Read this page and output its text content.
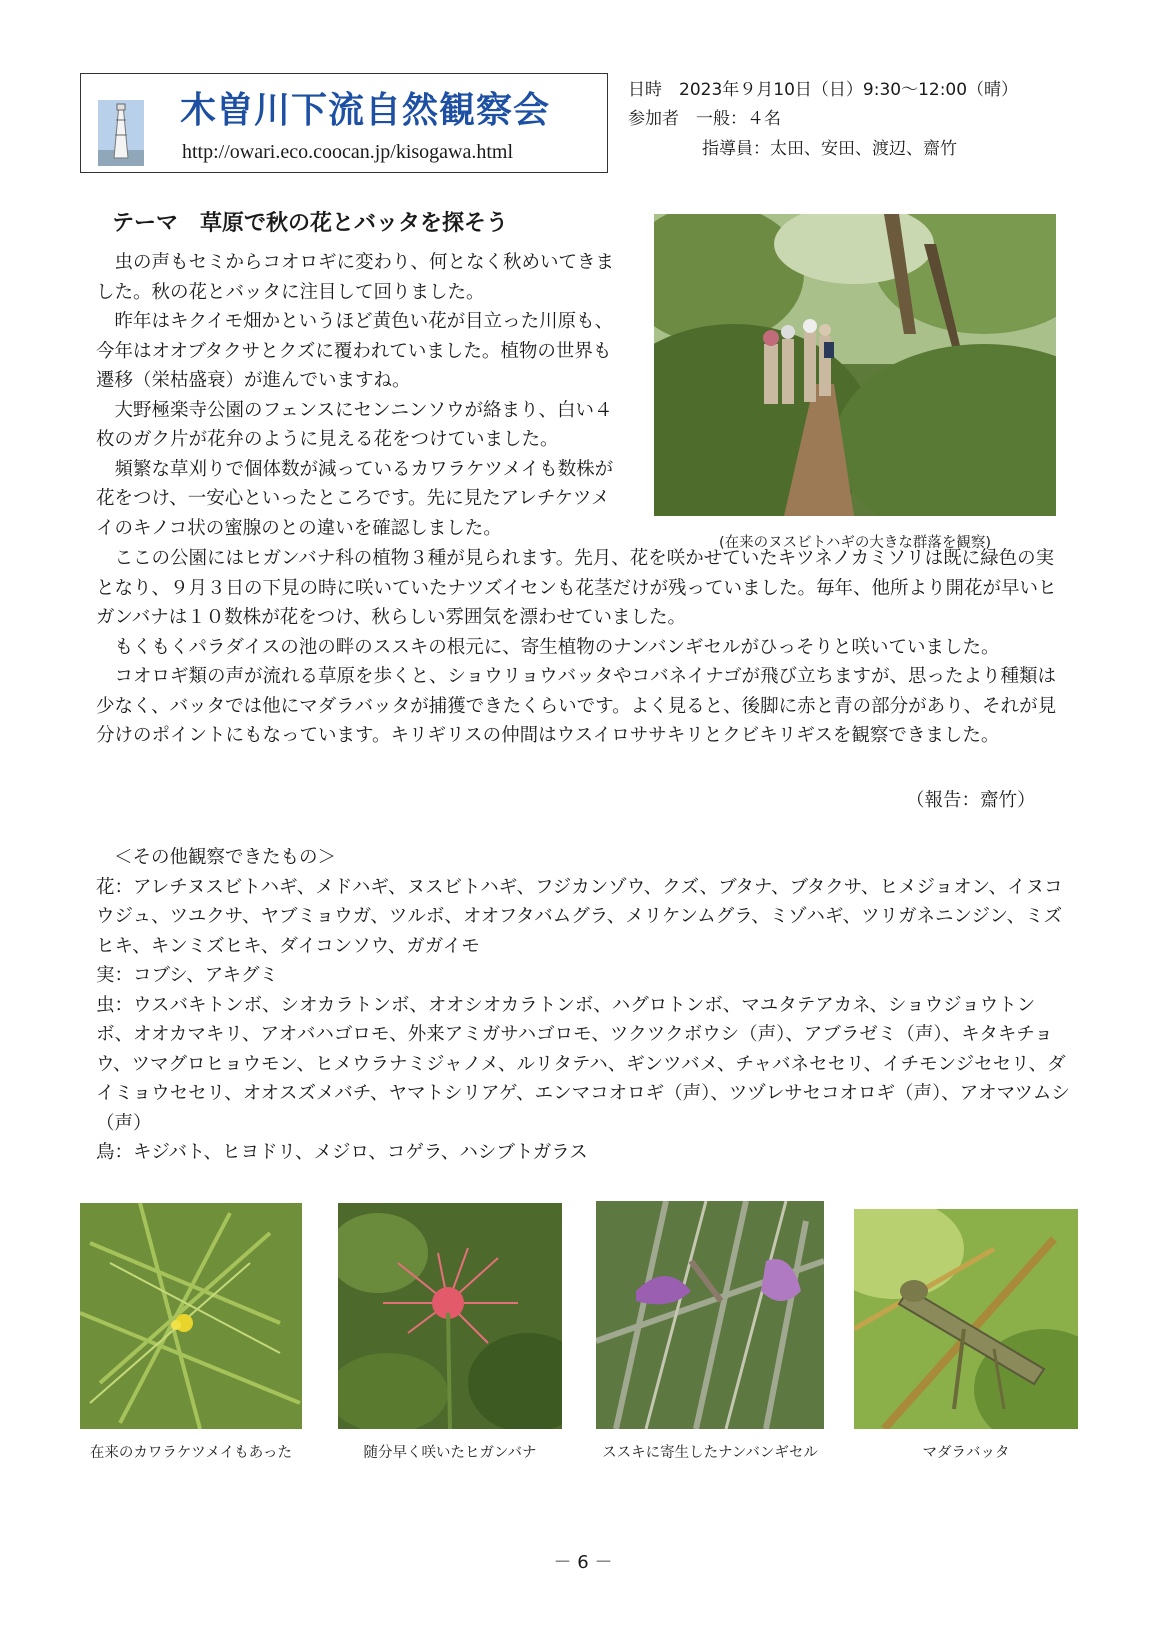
木曽川下流自然観察会
http://owari.eco.coocan.jp/kisogawa.html
日時　2023年９月10日（日）9:30～12:00（晴）
参加者　一般：４名
指導員：太田、安田、渡辺、齋竹
テーマ　草原で秋の花とバッタを探そう
(在来のヌスビトハギの大きな群落を観察)

虫の声もセミからコオロギに変わり、何となく秋めいてきました。秋の花とバッタに注目して回りました。

昨年はキクイモ畑かというほど黄色い花が目立った川原も、今年はオオブタクサとクズに覆われていました。植物の世界も遷移（栄枯盛衰）が進んでいますね。

大野極楽寺公園のフェンスにセンニンソウが絡まり、白い４枚のガク片が花弁のように見える花をつけていました。

頻繁な草刈りで個体数が減っているカワラケツメイも数株が花をつけ、一安心といったところです。先に見たアレチケツメイのキノコ状の蜜腺のとの違いを確認しました。

ここの公園にはヒガンバナ科の植物３種が見られます。先月、花を咲かせていたキツネノカミソリは既に緑色の実となり、９月３日の下見の時に咲いていたナツズイセンも花茎だけが残っていました。毎年、他所より開花が早いヒガンバナは１０数株が花をつけ、秋らしい雰囲気を漂わせていました。

もくもくパラダイスの池の畔のススキの根元に、寄生植物のナンバンギセルがひっそりと咲いていました。

コオロギ類の声が流れる草原を歩くと、ショウリョウバッタやコバネイナゴが飛び立ちますが、思ったより種類は少なく、バッタでは他にマダラバッタが捕獲できたくらいです。よく見ると、後脚に赤と青の部分があり、それが見分けのポイントにもなっています。キリギリスの仲間はウスイロササキリとクビキリギスを観察できました。

（報告：齋竹）

＜その他観察できたもの＞

花：アレチヌスビトハギ、メドハギ、ヌスビトハギ、フジカンゾウ、クズ、ブタナ、ブタクサ、ヒメジョオン、イヌコウジュ、ツユクサ、ヤブミョウガ、ツルボ、オオフタバムグラ、メリケンムグラ、ミゾハギ、ツリガネニンジン、ミズヒキ、キンミズヒキ、ダイコンソウ、ガガイモ

実：コブシ、アキグミ

虫：ウスバキトンボ、シオカラトンボ、オオシオカラトンボ、ハグロトンボ、マユタテアカネ、ショウジョウトンボ、オオカマキリ、アオバハゴロモ、外来アミガサハゴロモ、ツクツクボウシ（声）、アブラゼミ（声）、キタキチョウ、ツマグロヒョウモン、ヒメウラナミジャノメ、ルリタテハ、ギンツバメ、チャバネセセリ、イチモンジセセリ、ダイミョウセセリ、オオスズメバチ、ヤマトシリアゲ、エンマコオロギ（声）、ツヅレサセコオロギ（声）、アオマツムシ（声）

鳥：キジバト、ヒヨドリ、メジロ、コゲラ、ハシブトガラス

在来のカワラケツメイもあった	随分早く咲いたヒガンバナ	ススキに寄生したナンバンギセル	マダラバッタ
－ 6 －
